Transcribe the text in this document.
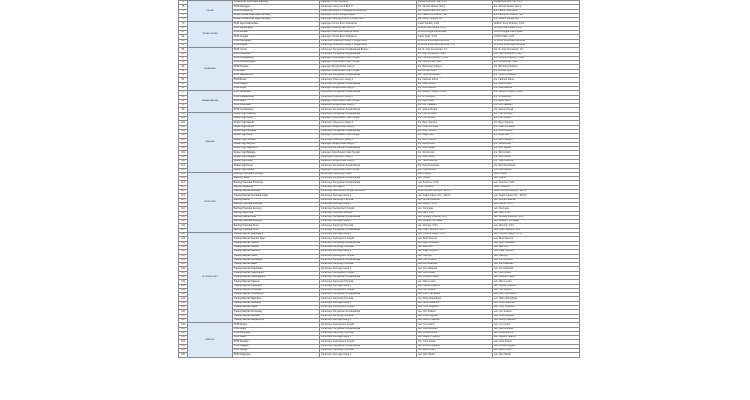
74	KEDIRI	Puskesmas Kota Utara Mantang	Lapangan KORI Mantang	Indriati Kusnandi, SE, S.Ps	indriati.kusnandi, SE, S.Ps
75		PKM Mranggen	Indramayu Gang Jeruk Blok S	drs. Ahmad Jaelani (Sem)	drs. Ahmad Jaelani (Sem)
76		PKM Minyapuring	Indramayu Brujul Jl. Indrajaya Cendramayu	drs. Muhammad Lutfi (Sem)	drs. Fatoni Hafs (Sem)
77		Dokter Muhammad Sejuk Seruang	Lapangan Umum Sangat Bagus	drs. Fatoni Arif Ibrahim, SE	drs. Fatoni Arif Ibrahim, SE
78		Dokter Muhammad Sejuk Seruang	Lapangan Gedung Umum SI Sutan Sem.	LM Joseph Mangun kn	drs. Joseph Mangun kn
79	PEKALONGAN	PKM Jaya Kelapa Batu	Lapangan Umum Bumi Sariwarna	Lurah Subtitle, S.Pd	LEPAS, Seno Sridowo, S.Pd
80		PKM Wangunjaya	Lapangan Gedung Batu Boro PT	LPPKM Kota Udara, S.Kp	LPPKM Kota Udara, S.Kp
81		PKM Bendan	Lapangan Kelompok Belanga Lama	LOKAS Angga Pamungkas	LOKAS Angga Pamungkas
82		PKM Jenggot	Lapangan Umum Bumi Sariwarna	Lukas Sakti, S.Pd	LUKAS Sakti, S.Pd
83		PKM Kramatsari	Indramayu Cibeureum Gang 3 Tengah Blok	LPPKAS MARUBENI ELANG	LPPKAS MARUBENI ELANG
84		PKM Buaran	Indramayu Cibeureum Gang 3 Tengah Blok	LPPKAS MARUBENI ELANG, LTG	LPPKAS MARUBENI ELANG
85	PEMALANG	PKM Comal	Indramayu Pengasinan Kerjabalaraja Banten	drs. R. Arief Kusnandar, S.T.	drs. R. Arief Kusnandar, S.T.
86		PKM Petarukan	Indramayu Pengasinan Kerjabalaraja	drs. Iwan Sumanta, S.Kep	drs. Iwan Sumanta, S.Kep
87		PKM Ampelgading	Lapangan Kota Bekasi Indah Tengah	drs. Hendra Prabowo, S.Kep	drs. Hendra Prabowo, S.Kep
88		PKM Randudongkal	Lapangan Kota Bekasi Indah Tengah	drs. Muhammad Yusuf	drs. Muhammad Yusuf
89		PKM Pulosari	Lapangan Bunga Melati Gang 2	drs. Bambang Sulistyo	drs. Bambang Sulistyo
90		PKM Belik	Lapangan Kota Bekasi Indah Tengah	drs. Ahmad Syafii	drs. Ahmad Syafii
91		PKM Watukumpul	Indramayu Pengasinan Kerjabalaraja	drs. Yusuf Kurniawan	drs. Yusuf Kurniawan
92		PKM Bodeh	Indramayu Cibeureum Gang 3	drs. Fatimah Zahra	drs. Fatimah Zahra
93		PKM Ulujami	Indramayu Pengasinan Kerjabalaraja	drs. Dewi Lestari	drs. Dewi Lestari
94		PKM Moga	Lapangan Bunga Melati Gang 2	drs. Rina Marlina	drs. Rina Marlina
95	KARANGANYAR	PKM Tasikmadu	Indramayu Pengasinan Kerjabalaraja	drs. Wahyu Hidayat, S.Kep	drs. Wahyu Hidayat, S.Kep
96		PKM Kebakkramat	Indramayu Cibeureum Gang 3	drs. Sri Wahyuni	drs. Sri Wahyuni
97		PKM Jaten	Lapangan Kota Bekasi Indah Tengah	drs. Agus Salim	drs. Agus Salim
98		PKM Colomadu	Lapangan Bunga Melati Gang 2	drs. Nur Hasanah	drs. Nur Hasanah
99		PKM Gondangrejo	Indramayu Pengasinan Kerjabalaraja	drs. Slamet Riyadi	drs. Slamet Riyadi
100	SRAGEN	Dokter Gigi Pratama	Indramayu Pengasinan Kerjabalaraja	drs. Hadi Wibowo	drs. Hadi Wibowo
101		Dokter Gigi Sehat	Lapangan Kota Bekasi Indah Tengah	drs. Lilis Suryani	drs. Lilis Suryani
102		Dokter Gigi Mandiri	Indramayu Cibeureum Gang 3	drs. Bayu Saputra	drs. Bayu Saputra
103		Dokter Gigi Utama	Lapangan Bunga Melati Gang 2	drs. Indah Permata	drs. Indah Permata
104		Dokter Gigi Keluarga	Indramayu Pengasinan Kerjabalaraja	drs. Rudi Hartono	drs. Rudi Hartono
105		Dokter Gigi Ceria	Lapangan Kota Bekasi Indah Tengah	drs. Maya Sari	drs. Maya Sari
106		Dokter Gigi Permata	Indramayu Cibeureum Gang 3	drs. Eko Prasetyo	drs. Eko Prasetyo
107		Dokter Gigi Senyum	Lapangan Bunga Melati Gang 2	drs. Ratna Dewi	drs. Ratna Dewi
108		Dokter Gigi Sejahtera	Indramayu Pengasinan Kerjabalaraja	drs. Andi Wijaya	drs. Andi Wijaya
109		Dokter Gigi Bahagia	Lapangan Kota Bekasi Indah Tengah	drs. Siti Aminah	drs. Siti Aminah
110		Dokter Gigi Harapan	Indramayu Cibeureum Gang 3	drs. Joko Susilo	drs. Joko Susilo
111		Dokter Gigi Mulia	Lapangan Bunga Melati Gang 2	drs. Yanti Kusuma	drs. Yanti Kusuma
112		Dokter Gigi Prima	Indramayu Pengasinan Kerjabalaraja	drs. Dedi Kurniawan	drs. Dedi Kurniawan
113		Dokter Gigi Medika	Lapangan Kota Bekasi Indah Tengah	drs. Lina Marlina	drs. Lina Marlina
114	WONOGIRI	Banting Pramuka Ponorogo	Bendungan Gandrung Trailer	Lekoh Resty	Lekoh Resty
115		Banting Hebat	Indramayu Pengasinan Kerjabalaraja	Lek. Juwita	Lek. Juwita
116		Banting Pramuka Ponorogo	Indramayu Pengasinan Kerjabalaraja	Lek. Kusuma, S.Pd	Lek. Kusuma, S.Pd
117		Banting Jayakarta	Indramayu Dermaga 8	Lekoh RAMAR	Lekoh RAMAR
118		Tukang Merpati Wonogiri	Indramayu Kedungwuni Tengah Berwarna	Lekoh Ahmad Mansyur, SE.Pd	Lekoh Ahmad Mansyur, SE.Pd
119		Tukang Merpati Sembada Indah	Indramayu Dermaga Gang 3	Lek. Kajeh Anjani, M.L., SE.Pd	Lek. Kajeh Anjani, M.L., SE.Pd
120		Banting Ramai	Indramayu Kampung Pramuka	Lek. Ahmad Mukhtar	Lek. Ahmad Mukhtar
121		Banting Pramuka Wonogiri	Indramayu Dermaga Gang 3	Lek. Rianto, S.Pd	Lek. Rianto, S.Pd
122		Banting Pramuka Gunung	Indramayu Kedungwuni Tengah	Lek. Dermaga	Lek. Dermaga
123		Banting Jaya Kota	Indramayu Pramuka Sentosa	Lek. Sari, S.Pd	Lek. Sari, S.Pd
124		Banting Ganda Daya	Indramayu Pengasinan Kerjabalaraja	Lek. Bintang Kusuma, S.Pd	Lek. Bintang Kusuma, S.Pd
125		Banting Pramuka Wonogiri	Indramayu Dermaga Gang 3	Lek. Wawan Hermawan	Lek. Wawan Hermawan
126		Banting Pramuka Timur	Indramayu Kampung Pramuka	Lek. Wening, S.Pd	Lek. Wening, S.Pd
127		Banting Pramuka Timur	Indramayu Pengasinan Kerjabalaraja	Lek. Ryan Saputra, S.Pd	Lek. Ryan Saputra, S.Pd
128	BOJONEGORO	Tukang Merpati Bojonegoro	Indramayu Dermaga Gang 3	Lek. Hendra Wijaya, S.Pd	Lek. Hendra Wijaya, S.Pd
129		Tukang Merpati Sumber Rejo	Indramayu Kedungwuni Tengah	Lek. Budi Santoso	Lek. Budi Santoso
130		Tukang Merpati Kalitidu	Indramayu Pengasinan Kerjabalaraja	Lek. Agus Setiawan	Lek. Agus Setiawan
131		Tukang Merpati Dander	Indramayu Kampung Pramuka	Lek. Eka Putri	Lek. Eka Putri
132		Tukang Merpati Baureno	Indramayu Dermaga Gang 3	Lek. Fajar Nugroho	Lek. Fajar Nugroho
133		Tukang Merpati Kanor	Indramayu Kedungwuni Tengah	Lek. Gita Ayu	Lek. Gita Ayu
134		Tukang Merpati Sumberejo	Indramayu Pengasinan Kerjabalaraja	Lek. Heri Susanto	Lek. Heri Susanto
135		Tukang Merpati Balen	Indramayu Kampung Pramuka	Lek. Ika Wulandari	Lek. Ika Wulandari
136		Tukang Merpati Kepohbaru	Indramayu Dermaga Gang 3	Lek. Joni Iskandar	Lek. Joni Iskandar
137		Tukang Merpati Sugihwaras	Indramayu Kedungwuni Tengah	Lek. Kiki Amalia	Lek. Kiki Amalia
138		Tukang Merpati Kedungadem	Indramayu Pengasinan Kerjabalaraja	Lek. Lukman Hakim	Lek. Lukman Hakim
139		Tukang Merpati Ngasem	Indramayu Kampung Pramuka	Lek. Mira Lestari	Lek. Mira Lestari
140		Tukang Merpati Padangan	Indramayu Dermaga Gang 3	Lek. Nanda Pratama	Lek. Nanda Pratama
141		Tukang Merpati Purwosari	Indramayu Kedungwuni Tengah	Lek. Oki Setiana	Lek. Oki Setiana
142		Tukang Merpati Tambakrejo	Indramayu Pengasinan Kerjabalaraja	Lek. Putri Handayani	Lek. Putri Handayani
143		Tukang Merpati Ngambon	Indramayu Kampung Pramuka	Lek. Rizky Ramadhan	Lek. Rizky Ramadhan
144		Tukang Merpati Gondang	Indramayu Dermaga Gang 3	Lek. Sinta Maharani	Lek. Sinta Maharani
145		Tukang Merpati Sekar	Indramayu Kedungwuni Tengah	Lek. Tono Sugianto	Lek. Tono Sugianto
146		Tukang Merpati Temayang	Indramayu Pengasinan Kerjabalaraja	Lek. Umi Kalsum	Lek. Umi Kalsum
147		Tukang Merpati Bubulan	Indramayu Kampung Pramuka	Lek. Vina Anggraini	Lek. Vina Anggraini
148		Tukang Merpati Margomulyo	Indramayu Dermaga Gang 3	Lek. Wahyu Saputra	Lek. Wahyu Saputra
149	MADIUN	PKM Dolopo	Indramayu Kedungwuni Tengah	Lek. Yuni Astuti	Lek. Yuni Astuti
150		PKM Geger	Indramayu Pengasinan Kerjabalaraja	Lek. Zaki Mubarak	Lek. Zaki Mubarak
151		PKM Kebonsari	Indramayu Kampung Pramuka	Lek. Anisa Rahma	Lek. Anisa Rahma
152		PKM Jiwan	Indramayu Dermaga Gang 3	Lek. Bagus Pratama	Lek. Bagus Pratama
153		PKM Saradan	Indramayu Kedungwuni Tengah	Lek. Citra Kirana	Lek. Citra Kirana
154		PKM Mejayan	Indramayu Pengasinan Kerjabalaraja	Lek. Dimas Anggara	Lek. Dimas Anggara
155		PKM Wungu	Indramayu Kampung Pramuka	Lek. Elsa Fitriani	Lek. Elsa Fitriani
156		PKM Dagangan	Indramayu Dermaga Gang 3	Lek. Fikri Haikal	Lek. Fikri Haikal
